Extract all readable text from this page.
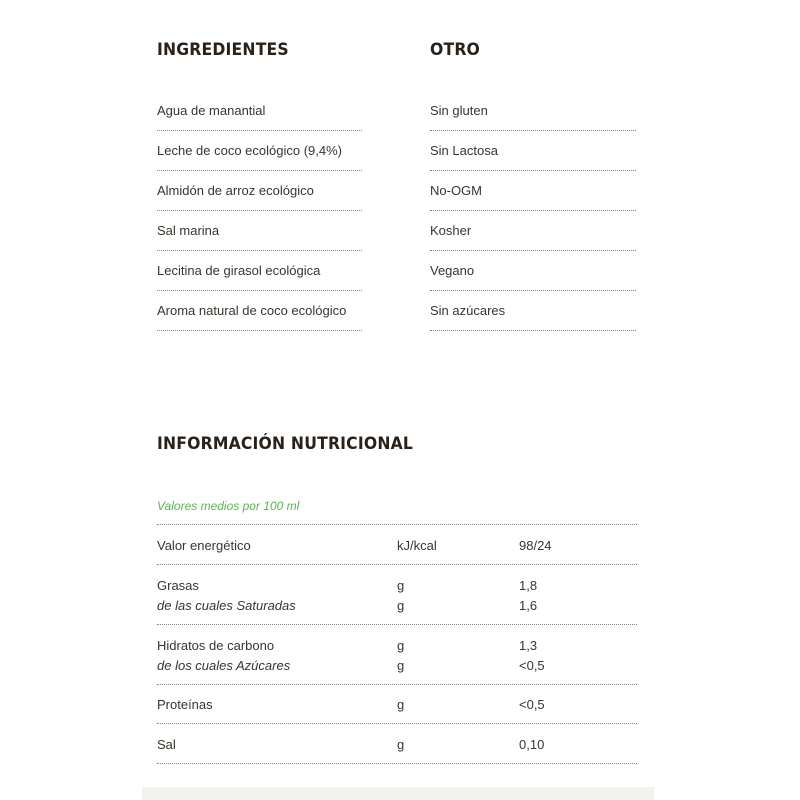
INGREDIENTES
Agua de manantial
Leche de coco ecológico (9,4%)
Almidón de arroz ecológico
Sal marina
Lecitina de girasol ecológica
Aroma natural de coco ecológico
OTRO
Sin gluten
Sin Lactosa
No-OGM
Kosher
Vegano
Sin azúcares
INFORMACIÓN NUTRICIONAL
Valores medios por 100 ml
Valor energético	kJ/kcal	98/24
Grasas	g	1,8
de las cuales Saturadas	g	1,6
Hidratos de carbono	g	1,3
de los cuales Azúcares	g	<0,5
Proteínas	g	<0,5
Sal	g	0,10
